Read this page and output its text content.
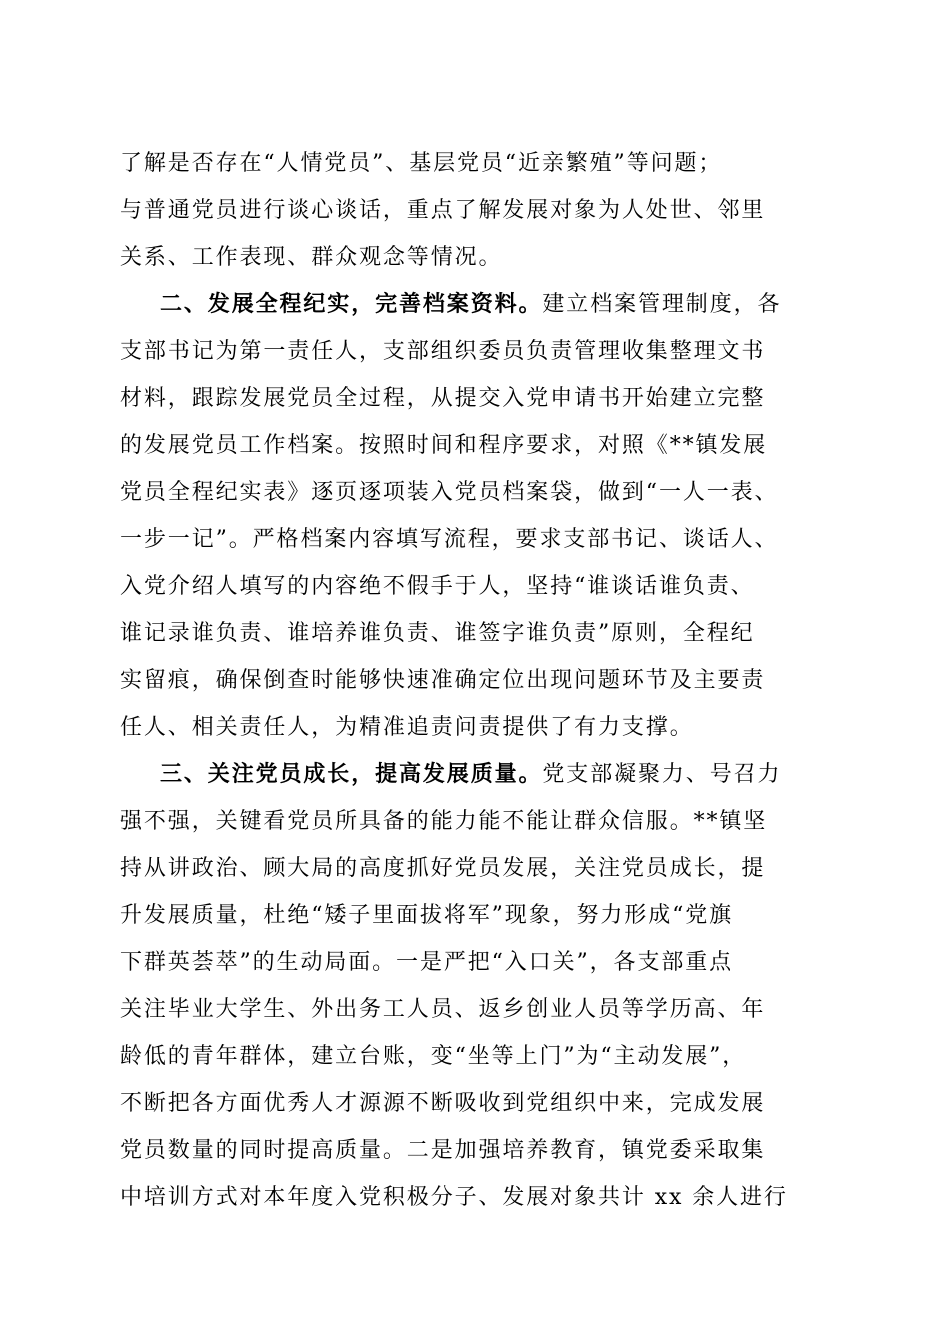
了解是否存在“人情党员”、基层党员“近亲繁殖”等问题；
与普通党员进行谈心谈话，重点了解发展对象为人处世、邻里
关系、工作表现、群众观念等情况。
二、发展全程纪实，完善档案资料。建立档案管理制度，各
支部书记为第一责任人，支部组织委员负责管理收集整理文书
材料，跟踪发展党员全过程，从提交入党申请书开始建立完整
的发展党员工作档案。按照时间和程序要求，对照《**镇发展
党员全程纪实表》逐页逐项装入党员档案袋，做到“一人一表、
一步一记”。严格档案内容填写流程，要求支部书记、谈话人、
入党介绍人填写的内容绝不假手于人，坚持“谁谈话谁负责、
谁记录谁负责、谁培养谁负责、谁签字谁负责”原则，全程纪
实留痕，确保倒查时能够快速准确定位出现问题环节及主要责
任人、相关责任人，为精准追责问责提供了有力支撑。
三、关注党员成长，提高发展质量。党支部凝聚力、号召力
强不强，关键看党员所具备的能力能不能让群众信服。**镇坚
持从讲政治、顾大局的高度抓好党员发展，关注党员成长，提
升发展质量，杜绝“矮子里面拔将军”现象，努力形成“党旗
下群英荟萃”的生动局面。一是严把“入口关”，各支部重点
关注毕业大学生、外出务工人员、返乡创业人员等学历高、年
龄低的青年群体，建立台账，变“坐等上门”为“主动发展”，
不断把各方面优秀人才源源不断吸收到党组织中来，完成发展
党员数量的同时提高质量。二是加强培养教育，镇党委采取集
中培训方式对本年度入党积极分子、发展对象共计 xx 余人进行
